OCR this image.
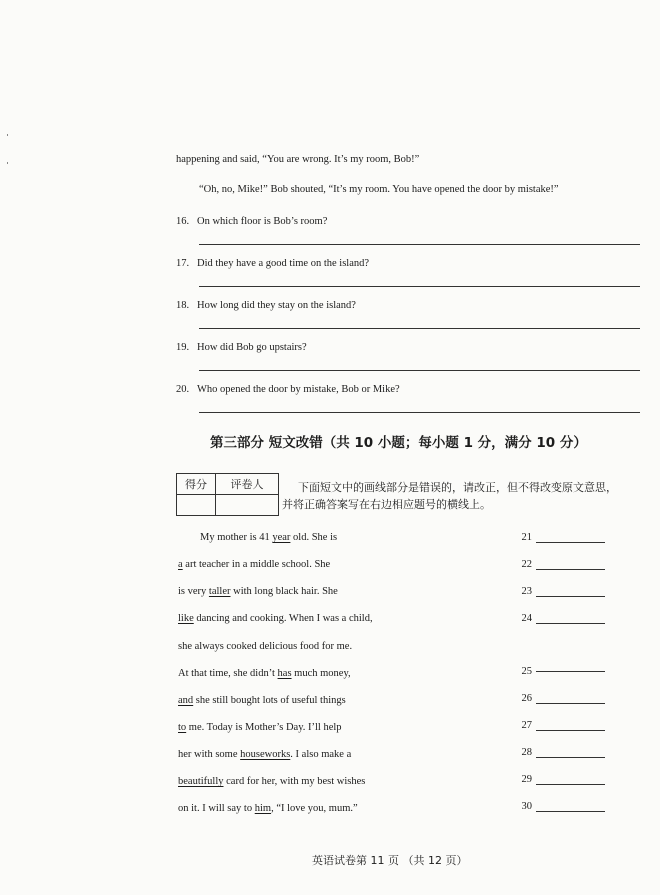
happening and said, “You are wrong. It’s my room, Bob!”
“Oh, no, Mike!” Bob shouted, “It’s my room. You have opened the door by mistake!”
16. On which floor is Bob’s room?
17. Did they have a good time on the island?
18. How long did they stay on the island?
19. How did Bob go upstairs?
20. Who opened the door by mistake, Bob or Mike?
第三部分 短文改错（共 10 小题；每小题 1 分，满分 10 分）
得分	评卷人
		下面短文中的画线部分是错误的，请改正，但不得改变原文意思，
并将正确答案写在右边相应题号的横线上。
My mother is 41 year old. She is	21
a art teacher in a middle school. She	22
is very taller with long black hair. She	23
like dancing and cooking. When I was a child,	24
she always cooked delicious food for me.
At that time, she didn’t has much money,	25
and she still bought lots of useful things	26
to me. Today is Mother’s Day. I’ll help	27
her with some houseworks. I also make a	28
beautifully card for her, with my best wishes	29
on it. I will say to him, “I love you, mum.”	30
英语试卷第 11 页 （共 12 页）
